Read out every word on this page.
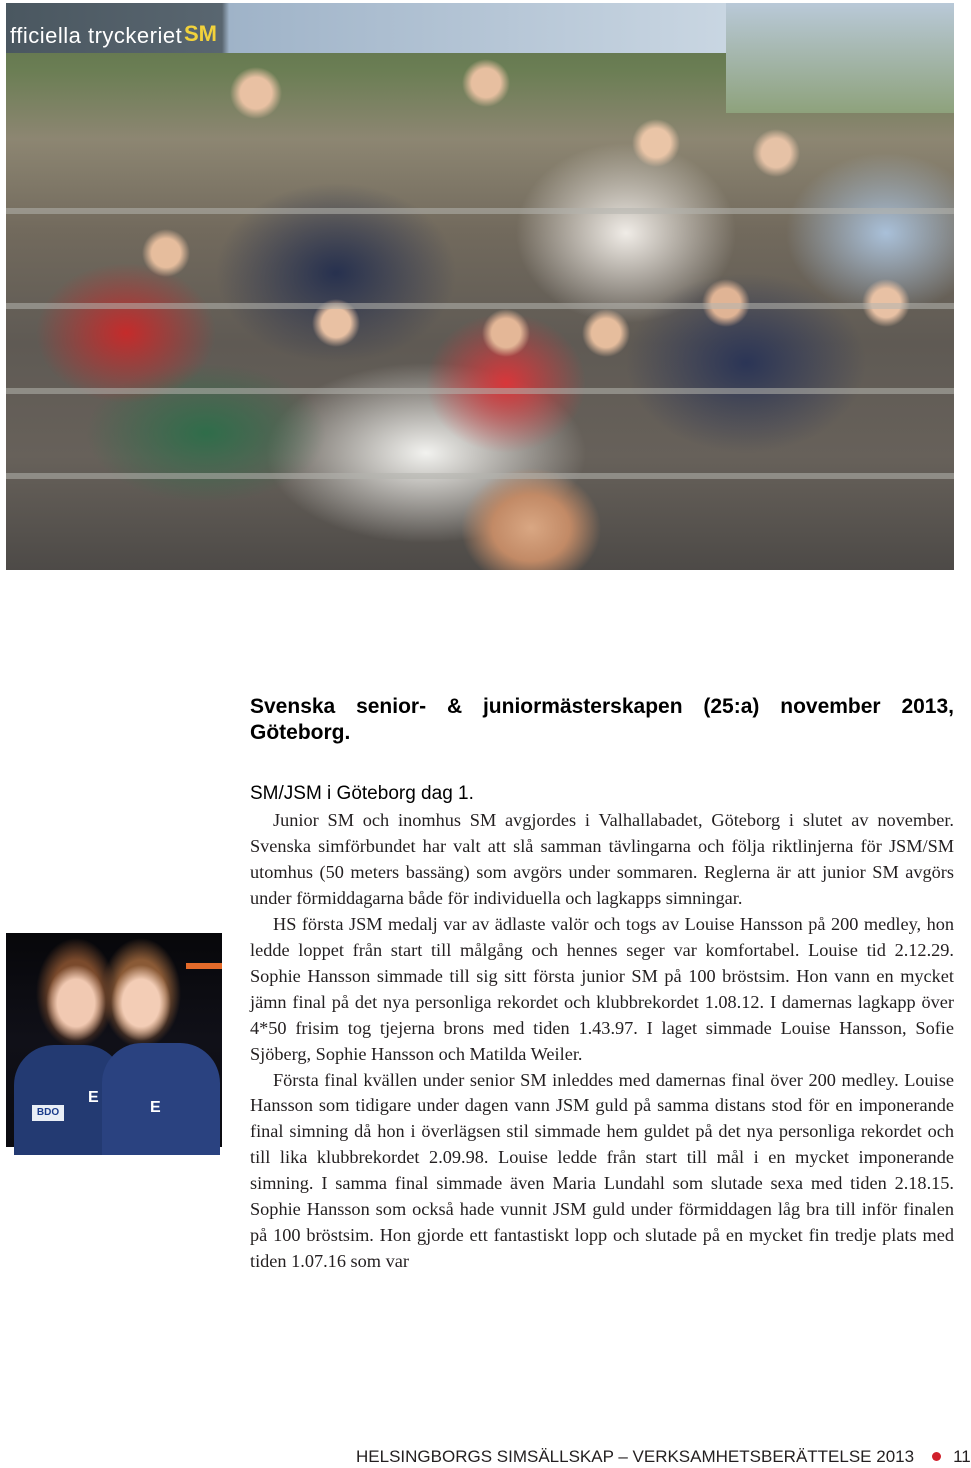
fficiella tryckeriet SM
E
E
BDO
Svenska senior- & juniormästerskapen (25:a) november 2013, Göteborg.
SM/JSM i Göteborg dag 1.

Junior SM och inomhus SM avgjordes i Valhallabadet, Göteborg i slutet av november. Svenska simförbundet har valt att slå samman tävlingarna och följa riktlinjerna för JSM/SM utomhus (50 meters bassäng) som avgörs under sommaren. Reglerna är att junior SM avgörs under förmiddagarna både för individuella och lagkapps simningar.

HS första JSM medalj var av ädlaste valör och togs av Louise Hansson på 200 medley, hon ledde loppet från start till målgång och hennes seger var komfortabel. Louise tid 2.12.29. Sophie Hansson simmade till sig sitt första junior SM på 100 bröstsim. Hon vann en mycket jämn final på det nya personliga rekordet och klubbrekordet 1.08.12. I damernas lagkapp över 4*50 frisim tog tjejerna brons med tiden 1.43.97. I laget simmade Louise Hansson, Sofie Sjöberg, Sophie Hansson och Matilda Weiler.

Första final kvällen under senior SM inleddes med damernas final över 200 medley. Louise Hansson som tidigare under dagen vann JSM guld på samma distans stod för en imponerande final simning då hon i överlägsen stil simmade hem guldet på det nya personliga rekordet och till lika klubbrekordet 2.09.98. Louise ledde från start till mål i en mycket imponerande simning. I samma final simmade även Maria Lundahl som slutade sexa med tiden 2.18.15. Sophie Hansson som också hade vunnit JSM guld under förmiddagen låg bra till inför finalen på 100 bröstsim. Hon gjorde ett fantastiskt lopp och slutade på en mycket fin tredje plats med tiden 1.07.16 som var

HELSINGBORGS SIMSÄLLSKAP – VERKSAMHETSBERÄTTELSE 2013 11
